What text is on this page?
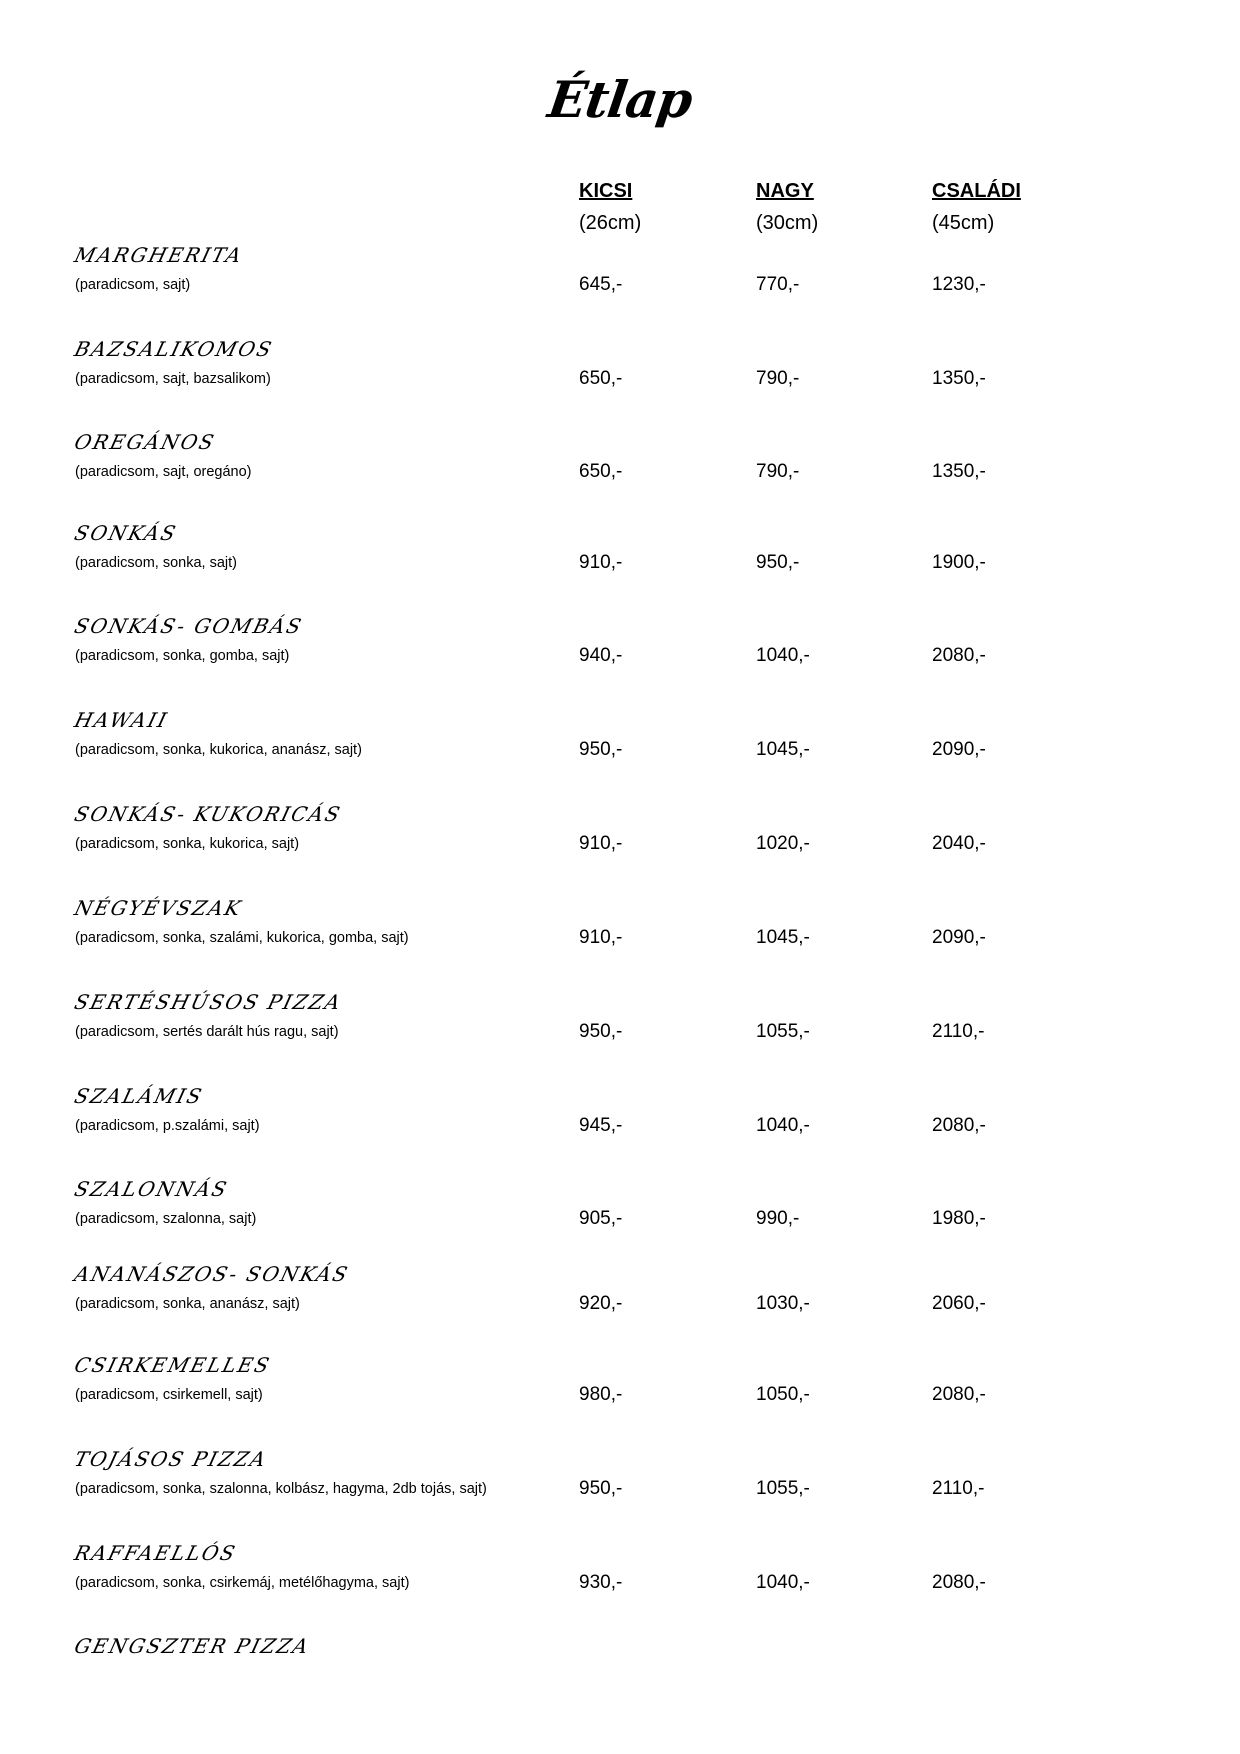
Étlap
KICSI	NAGY	CSALÁDI
(26cm)	(30cm)	(45cm)
MARGHERITA
(paradicsom, sajt)	645,-	770,-	1230,-
BAZSALIKOMOS
(paradicsom, sajt, bazsalikom)	650,-	790,-	1350,-
OREGÁNOS
(paradicsom, sajt, oregáno)	650,-	790,-	1350,-
SONKÁS
(paradicsom, sonka, sajt)	910,-	950,-	1900,-
SONKÁS- GOMBÁS
(paradicsom, sonka, gomba, sajt)	940,-	1040,-	2080,-
HAWAII
(paradicsom, sonka, kukorica, ananász, sajt)	950,-	1045,-	2090,-
SONKÁS- KUKORICÁS
(paradicsom, sonka, kukorica, sajt)	910,-	1020,-	2040,-
NÉGYÉVSZAK
(paradicsom, sonka, szalámi, kukorica, gomba, sajt)	910,-	1045,-	2090,-
SERTÉSHÚSOS PIZZA
(paradicsom, sertés darált hús ragu, sajt)	950,-	1055,-	2110,-
SZALÁMIS
(paradicsom, p.szalámi, sajt)	945,-	1040,-	2080,-
SZALONNÁS
(paradicsom, szalonna, sajt)	905,-	990,-	1980,-
ANANÁSZOS- SONKÁS
(paradicsom, sonka, ananász, sajt)	920,-	1030,-	2060,-
CSIRKEMELLES
(paradicsom, csirkemell, sajt)	980,-	1050,-	2080,-
TOJÁSOS PIZZA
(paradicsom, sonka, szalonna, kolbász, hagyma, 2db tojás, sajt)	950,-	1055,-	2110,-
RAFFAELLÓS
(paradicsom, sonka, csirkemáj, metélőhagyma, sajt)	930,-	1040,-	2080,-
GENGSZTER PIZZA
